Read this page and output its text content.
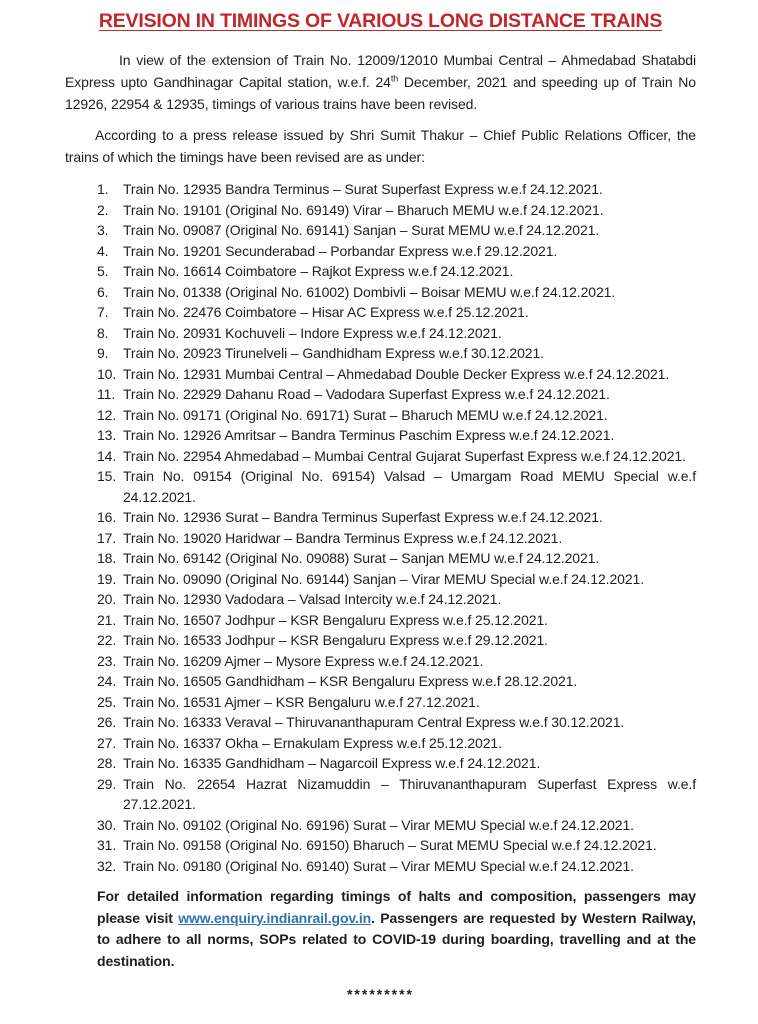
REVISION IN TIMINGS OF VARIOUS LONG DISTANCE TRAINS

In view of the extension of Train No. 12009/12010 Mumbai Central – Ahmedabad Shatabdi Express upto Gandhinagar Capital station, w.e.f. 24th December, 2021 and speeding up of Train No 12926, 22954 & 12935, timings of various trains have been revised.

According to a press release issued by Shri Sumit Thakur – Chief Public Relations Officer, the trains of which the timings have been revised are as under:

1.	Train No. 12935 Bandra Terminus – Surat Superfast Express w.e.f 24.12.2021.
2.	Train No. 19101 (Original No. 69149) Virar – Bharuch MEMU w.e.f 24.12.2021.
3.	Train No. 09087 (Original No. 69141) Sanjan – Surat MEMU w.e.f 24.12.2021.
4.	Train No. 19201 Secunderabad – Porbandar Express w.e.f 29.12.2021.
5.	Train No. 16614 Coimbatore – Rajkot Express w.e.f 24.12.2021.
6.	Train No. 01338 (Original No. 61002) Dombivli – Boisar MEMU w.e.f 24.12.2021.
7.	Train No. 22476 Coimbatore – Hisar AC Express w.e.f 25.12.2021.
8.	Train No. 20931 Kochuveli – Indore Express w.e.f 24.12.2021.
9.	Train No. 20923 Tirunelveli – Gandhidham Express w.e.f 30.12.2021.
10. Train No. 12931 Mumbai Central – Ahmedabad Double Decker Express w.e.f 24.12.2021.
11. Train No. 22929 Dahanu Road – Vadodara Superfast Express w.e.f 24.12.2021.
12. Train No. 09171 (Original No. 69171) Surat – Bharuch MEMU w.e.f 24.12.2021.
13. Train No. 12926 Amritsar – Bandra Terminus Paschim Express w.e.f 24.12.2021.
14. Train No. 22954 Ahmedabad – Mumbai Central Gujarat Superfast Express w.e.f 24.12.2021.
15. Train No. 09154 (Original No. 69154) Valsad – Umargam Road MEMU Special w.e.f 24.12.2021.
16. Train No. 12936 Surat – Bandra Terminus Superfast Express w.e.f 24.12.2021.
17. Train No. 19020 Haridwar – Bandra Terminus Express w.e.f 24.12.2021.
18. Train No. 69142 (Original No. 09088) Surat – Sanjan MEMU w.e.f 24.12.2021.
19. Train No. 09090 (Original No. 69144) Sanjan – Virar MEMU Special w.e.f 24.12.2021.
20. Train No. 12930 Vadodara – Valsad Intercity w.e.f 24.12.2021.
21. Train No. 16507 Jodhpur – KSR Bengaluru Express w.e.f 25.12.2021.
22. Train No. 16533 Jodhpur – KSR Bengaluru Express w.e.f 29.12.2021.
23. Train No. 16209 Ajmer – Mysore Express w.e.f 24.12.2021.
24. Train No. 16505 Gandhidham – KSR Bengaluru Express w.e.f 28.12.2021.
25. Train No. 16531 Ajmer – KSR Bengaluru w.e.f 27.12.2021.
26. Train No. 16333 Veraval – Thiruvananthapuram Central Express w.e.f 30.12.2021.
27. Train No. 16337 Okha – Ernakulam Express w.e.f 25.12.2021.
28. Train No. 16335 Gandhidham – Nagarcoil Express w.e.f 24.12.2021.
29. Train No. 22654 Hazrat Nizamuddin – Thiruvananthapuram Superfast Express w.e.f 27.12.2021.
30. Train No. 09102 (Original No. 69196) Surat – Virar MEMU Special w.e.f 24.12.2021.
31. Train No. 09158 (Original No. 69150) Bharuch – Surat MEMU Special w.e.f 24.12.2021.
32. Train No. 09180 (Original No. 69140) Surat – Virar MEMU Special w.e.f 24.12.2021.

For detailed information regarding timings of halts and composition, passengers may please visit www.enquiry.indianrail.gov.in. Passengers are requested by Western Railway, to adhere to all norms, SOPs related to COVID-19 during boarding, travelling and at the destination.

*********
